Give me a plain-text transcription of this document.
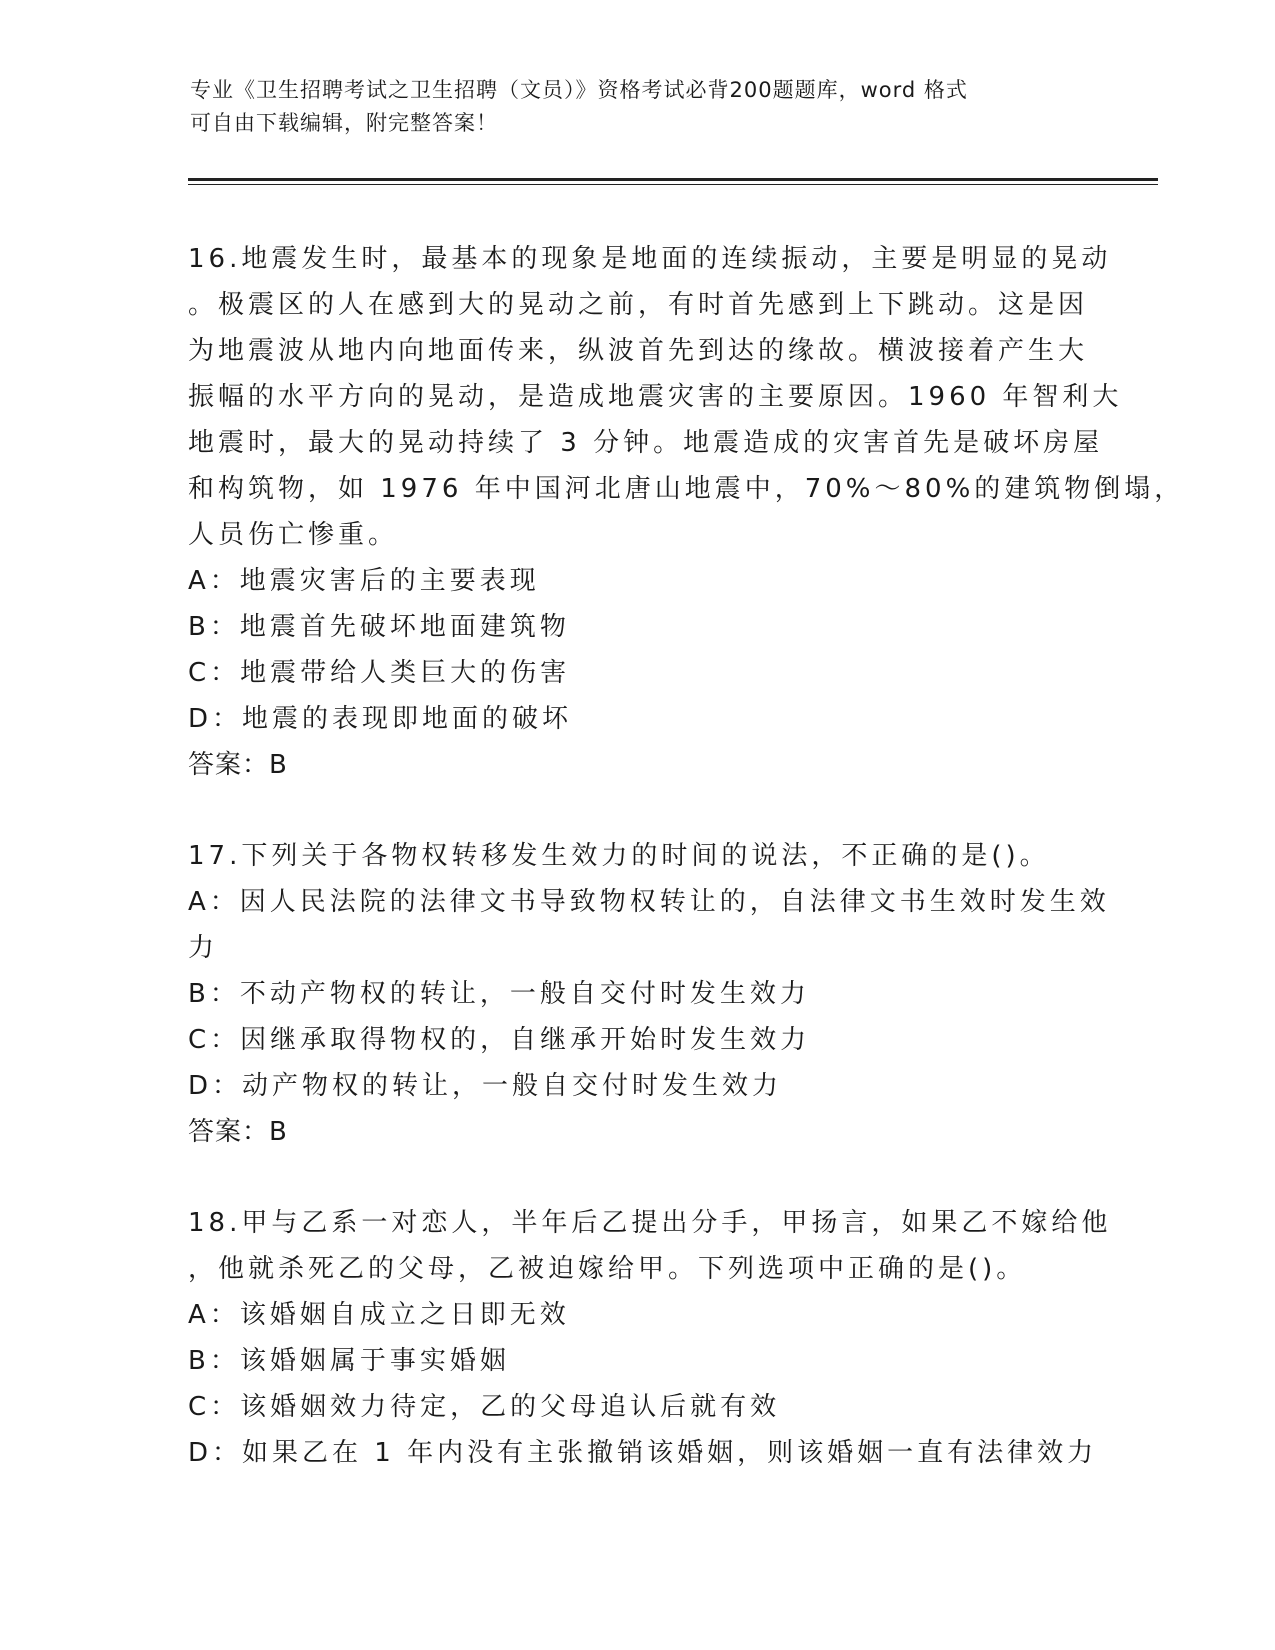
专业《卫生招聘考试之卫生招聘（文员）》资格考试必背200题题库，word 格式
可自由下载编辑，附完整答案！
16.地震发生时，最基本的现象是地面的连续振动，主要是明显的晃动
。极震区的人在感到大的晃动之前，有时首先感到上下跳动。这是因
为地震波从地内向地面传来，纵波首先到达的缘故。横波接着产生大
振幅的水平方向的晃动，是造成地震灾害的主要原因。1960 年智利大
地震时，最大的晃动持续了 3 分钟。地震造成的灾害首先是破坏房屋
和构筑物，如 1976 年中国河北唐山地震中，70%～80%的建筑物倒塌，
人员伤亡惨重。
A：地震灾害后的主要表现
B：地震首先破坏地面建筑物
C：地震带给人类巨大的伤害
D：地震的表现即地面的破坏
答案：B
17.下列关于各物权转移发生效力的时间的说法，不正确的是()。
A：因人民法院的法律文书导致物权转让的，自法律文书生效时发生效
力
B：不动产物权的转让，一般自交付时发生效力
C：因继承取得物权的，自继承开始时发生效力
D：动产物权的转让，一般自交付时发生效力
答案：B
18.甲与乙系一对恋人，半年后乙提出分手，甲扬言，如果乙不嫁给他
，他就杀死乙的父母，乙被迫嫁给甲。下列选项中正确的是()。
A：该婚姻自成立之日即无效
B：该婚姻属于事实婚姻
C：该婚姻效力待定，乙的父母追认后就有效
D：如果乙在 1 年内没有主张撤销该婚姻，则该婚姻一直有法律效力
